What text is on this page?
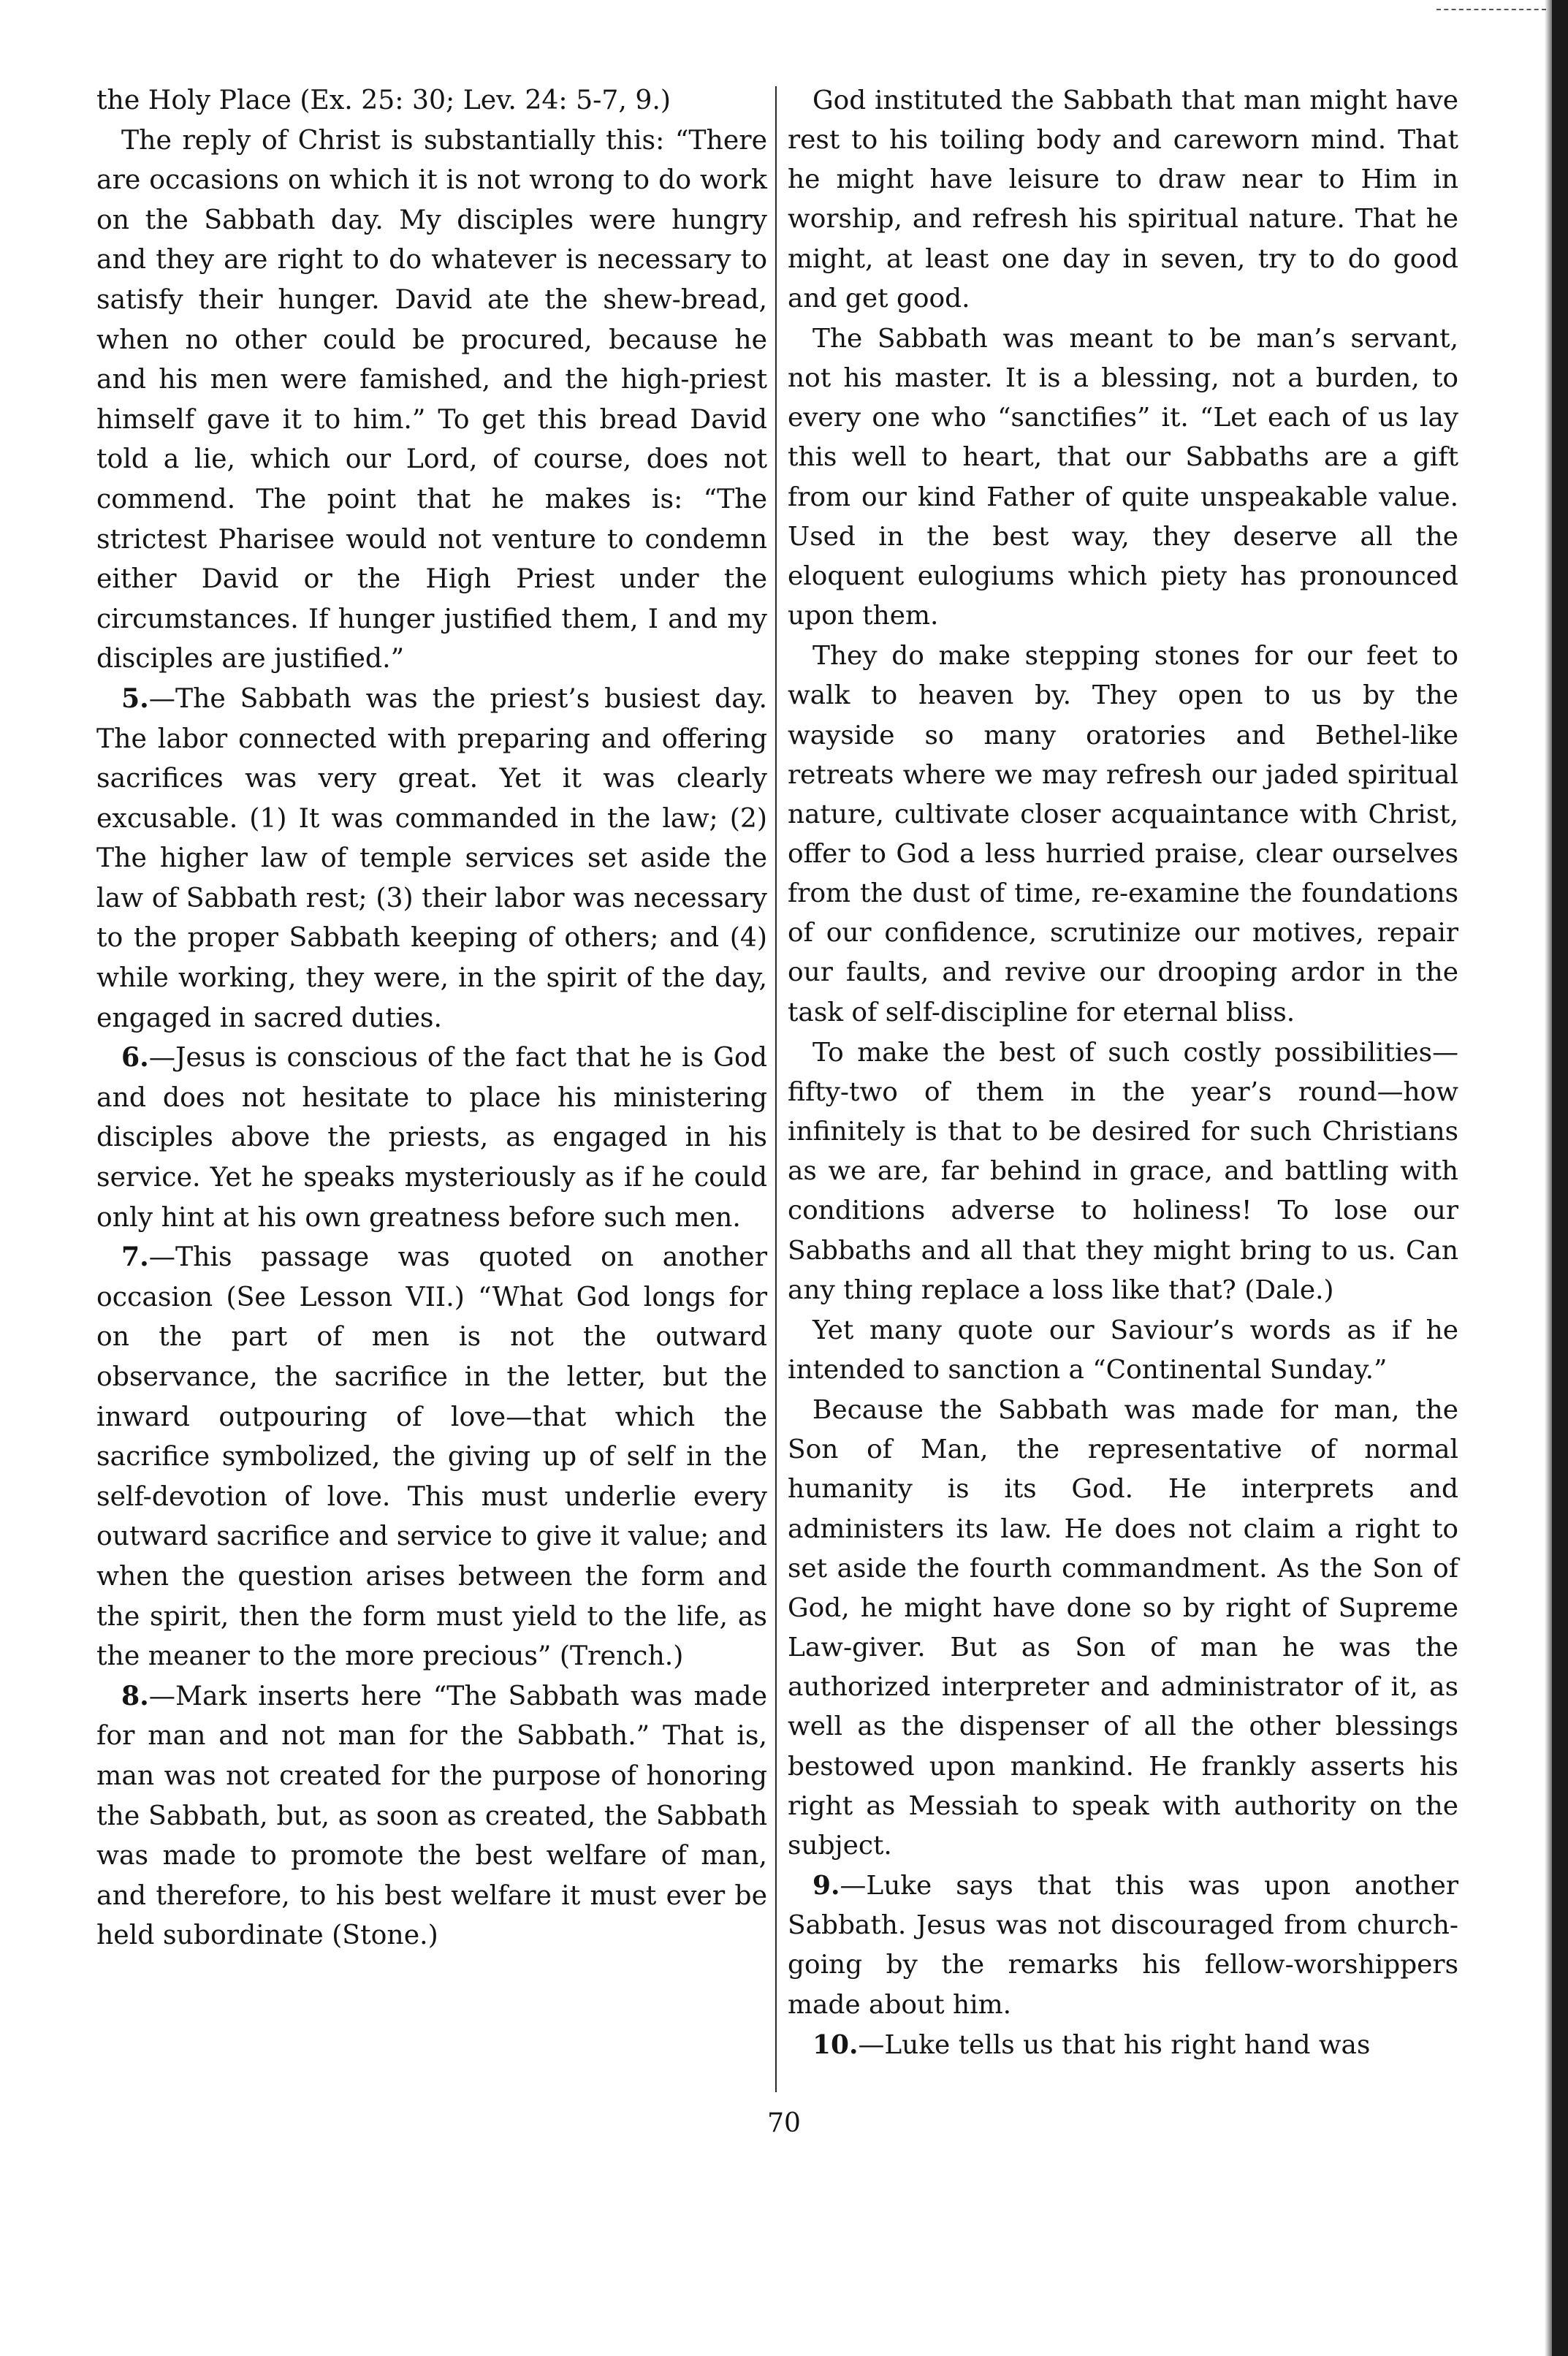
the Holy Place (Ex. 25: 30; Lev. 24: 5-7, 9.)

The reply of Christ is substantially this: “There are occasions on which it is not wrong to do work on the Sabbath day. My disciples were hungry and they are right to do whatever is necessary to satisfy their hunger. David ate the shew-bread, when no other could be procured, because he and his men were famished, and the high-priest himself gave it to him.” To get this bread David told a lie, which our Lord, of course, does not commend. The point that he makes is: “The strictest Pharisee would not venture to condemn either David or the High Priest under the circumstances. If hunger justified them, I and my disciples are justified.”

5.—The Sabbath was the priest’s busiest day. The labor connected with preparing and offering sacrifices was very great. Yet it was clearly excusable. (1) It was commanded in the law; (2) The higher law of temple services set aside the law of Sabbath rest; (3) their labor was necessary to the proper Sabbath keeping of others; and (4) while working, they were, in the spirit of the day, engaged in sacred duties.

6.—Jesus is conscious of the fact that he is God and does not hesitate to place his ministering disciples above the priests, as engaged in his service. Yet he speaks mysteriously as if he could only hint at his own greatness before such men.

7.—This passage was quoted on another occasion (See Lesson VII.) “What God longs for on the part of men is not the outward observance, the sacrifice in the letter, but the inward outpouring of love—that which the sacrifice symbolized, the giving up of self in the self-devotion of love. This must underlie every outward sacrifice and service to give it value; and when the question arises between the form and the spirit, then the form must yield to the life, as the meaner to the more precious” (Trench.)

8.—Mark inserts here “The Sabbath was made for man and not man for the Sabbath.” That is, man was not created for the purpose of honoring the Sabbath, but, as soon as created, the Sabbath was made to promote the best welfare of man, and therefore, to his best welfare it must ever be held subordinate (Stone.)

God instituted the Sabbath that man might have rest to his toiling body and careworn mind. That he might have leisure to draw near to Him in worship, and refresh his spiritual nature. That he might, at least one day in seven, try to do good and get good.

The Sabbath was meant to be man’s servant, not his master. It is a blessing, not a burden, to every one who “sanctifies” it. “Let each of us lay this well to heart, that our Sabbaths are a gift from our kind Father of quite unspeakable value. Used in the best way, they deserve all the eloquent eulogiums which piety has pronounced upon them.

They do make stepping stones for our feet to walk to heaven by. They open to us by the wayside so many oratories and Bethel-like retreats where we may refresh our jaded spiritual nature, cultivate closer acquaintance with Christ, offer to God a less hurried praise, clear ourselves from the dust of time, re-examine the foundations of our confidence, scrutinize our motives, repair our faults, and revive our drooping ardor in the task of self-discipline for eternal bliss.

To make the best of such costly possibilities—fifty-two of them in the year’s round—how infinitely is that to be desired for such Christians as we are, far behind in grace, and battling with conditions adverse to holiness! To lose our Sabbaths and all that they might bring to us. Can any thing replace a loss like that? (Dale.)

Yet many quote our Saviour’s words as if he intended to sanction a “Continental Sunday.”

Because the Sabbath was made for man, the Son of Man, the representative of normal humanity is its God. He interprets and administers its law. He does not claim a right to set aside the fourth commandment. As the Son of God, he might have done so by right of Supreme Law-giver. But as Son of man he was the authorized interpreter and administrator of it, as well as the dispenser of all the other blessings bestowed upon mankind. He frankly asserts his right as Messiah to speak with authority on the subject.

9.—Luke says that this was upon another Sabbath. Jesus was not discouraged from church-going by the remarks his fellow-worshippers made about him.

10.—Luke tells us that his right hand was

70
